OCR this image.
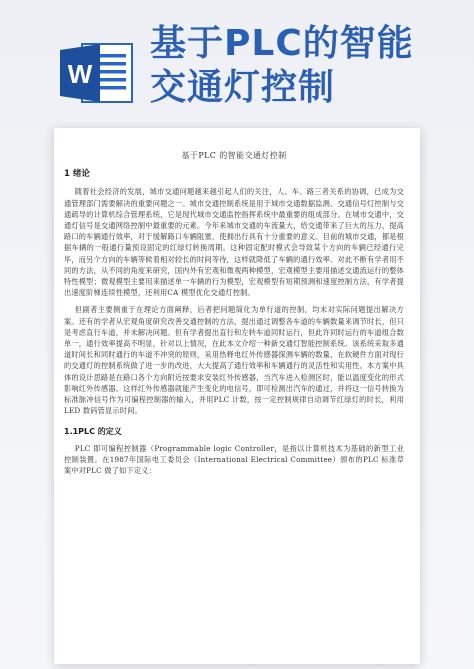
W
基于PLC的智能
交通灯控制
基于PLC 的智能交通灯控制
1 绪论

随着社会经济的发展，城市交通问题越来越引起人们的关注，人、车、路三者关系的协调，已成为交通管理部门需要解决的重要问题之一。城市交通控制系统是用于城市交通数据监测、交通信号灯控制与交通疏导的计算机综合管理系统，它是现代城市交通监控指挥系统中最重要的组成部分。在城市交通中，交通灯信号是交通网络控制中最重要的元素。今年来城市交通的车流量大，给交通带来了巨大的压力，提高路口的车辆通行效率，对于缓解路口车辆阻塞，使拥出行具有十分重要的意义。目前的城市交通，都是根据车辆的一般通行量预设固定的红绿灯转换周期。这种固定配时模式会导致某个方向的车辆已经通行完毕，而另个方向的车辆等候着相对较长的时间等待，这样就降低了车辆的通行效率。对此不断有学者用不同的方法，从不同的角度来研究，国内外有宏观和微观两种模型，宏观模型主要用描述交通流运行的整体特性模型；微观模型主要用来描述单一车辆的行为模型，宏观模型有短期预测和速度控制方法，有学者提出速度阶梯连续性模型，还利用CA 模型优化交通灯控制。

但副者主要侧重于在理论方面阐释，后者把问题简化为单行道的控制，均未对实际问题提出解决方案。还有的学者从宏观角度研究改善交通控制的方法，提出通过调整各车道的车辆数量来调节时长，但只是考虑直行车道，并未解决问题。但有学者提出直行和左转车道同时运行，但此许同时运行的车道组合数单一，通行效率提高不明显，针对以上情况，在此本文介绍一种新交通灯智能控制系统。该系统采取多通道时间长和同时通行的车道不冲突的原则，采用热释电红外传感器探测车辆的数量，在软硬件方面对现行的交通灯的控制系统做了进一步的改进，大大提高了通行效率和车辆通行的灵活性和实用性。本方案中具体的设计思路是在路口各个方向附近按要求安装红外传感器，当汽车进入检测区时，能以温度变化的形式影响红外传感器。这样红外传感器就能产生变化的电信号，即可检测出汽车的通过，并将这一信号转换为标准脉冲信号作为可编程控制器的输入，并用PLC 计数，按一定控制规律自动调节红绿灯的时长，利用 LED 数码管显示时间。

1.1PLC 的定义

PLC 即可编程控制器（Programmable logic Controller，是指以计算机技术为基础的新型工业控制装置。在1987年国际电工委员会（International Electrical Committee）颁布的PLC 标准草案中对PLC 做了如下定义：
